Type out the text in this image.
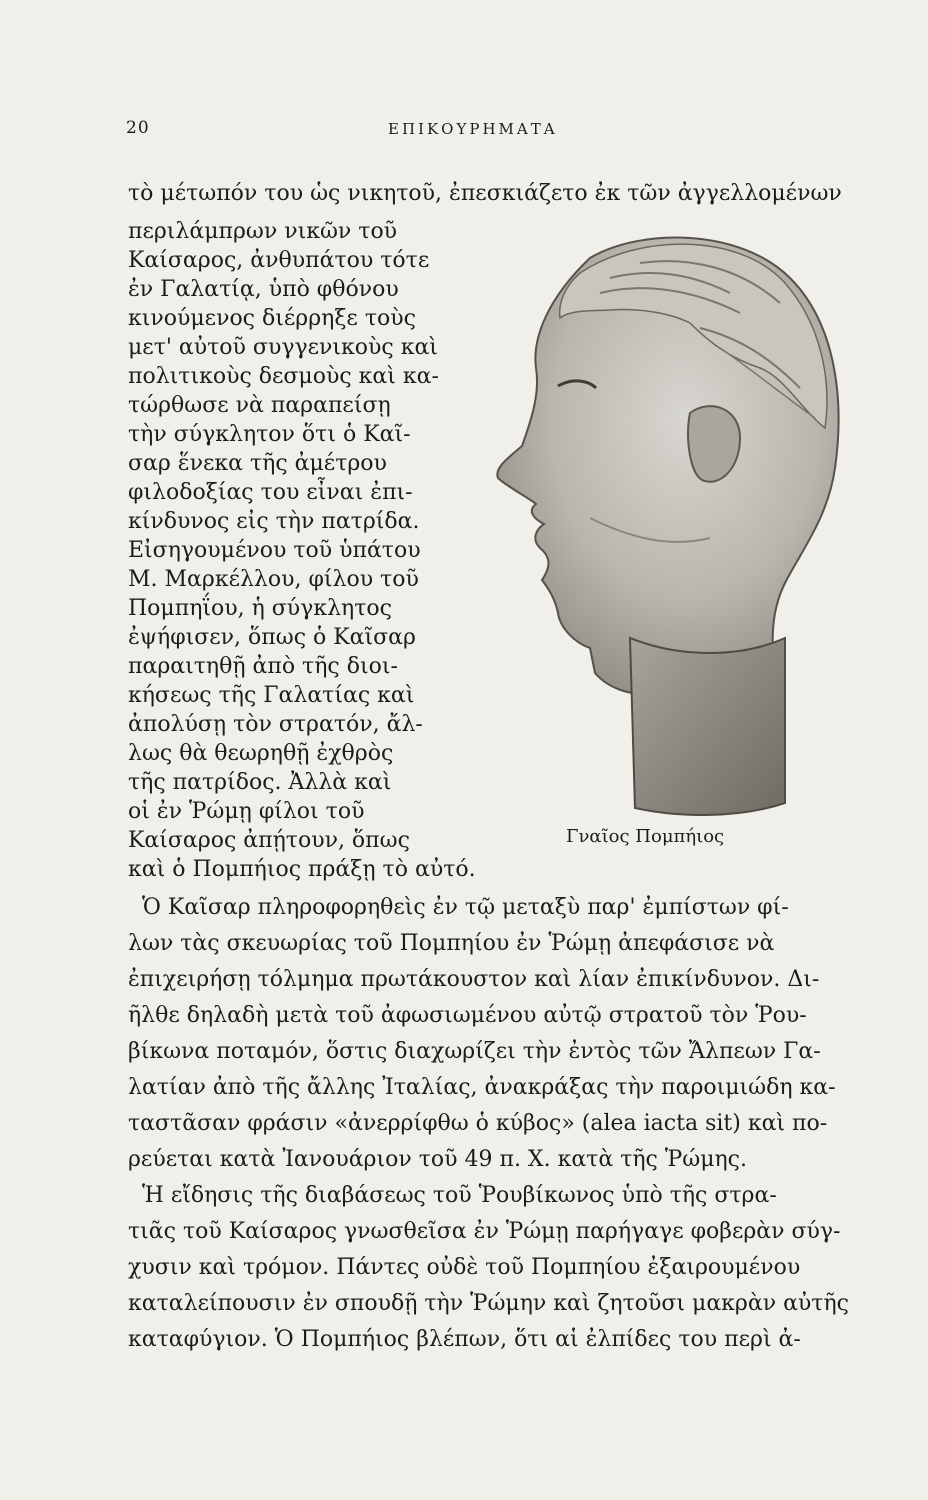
20	ΕΠΙΚΟΥΡΗΜΑΤΑ
τὸ μέτωπόν του ὡς νικητοῦ, ἐπεσκιάζετο ἐκ τῶν ἀγγελλομένων
περιλάμπρων νικῶν τοῦ
Καίσαρος, ἀνθυπάτου τότε
ἐν Γαλατίᾳ, ὑπὸ φθόνου
κινούμενος διέρρηξε τοὺς
μετ' αὐτοῦ συγγενικοὺς καὶ
πολιτικοὺς δεσμοὺς καὶ κα-
τώρθωσε νὰ παραπείσῃ
τὴν σύγκλητον ὅτι ὁ Καῖ-
σαρ ἕνεκα τῆς ἀμέτρου
φιλοδοξίας του εἶναι ἐπι-
κίνδυνος εἰς τὴν πατρίδα.
Εἰσηγουμένου τοῦ ὑπάτου
Μ. Μαρκέλλου, φίλου τοῦ
Πομπηΐου, ἡ σύγκλητος
ἐψήφισεν, ὅπως ὁ Καῖσαρ
παραιτηθῇ ἀπὸ τῆς διοι-
κήσεως τῆς Γαλατίας καὶ
ἀπολύσῃ τὸν στρατόν, ἄλ-
λως θὰ θεωρηθῇ ἐχθρὸς
τῆς πατρίδος. Ἀλλὰ καὶ
οἱ ἐν Ῥώμῃ φίλοι τοῦ
Καίσαρος ἀπῄτουν, ὅπως
καὶ ὁ Πομπήιος πράξῃ τὸ αὐτό.
Ὁ Καῖσαρ πληροφορηθεὶς ἐν τῷ μεταξὺ παρ' ἐμπίστων φί-
λων τὰς σκευωρίας τοῦ Πομπηίου ἐν Ῥώμῃ ἀπεφάσισε νὰ
ἐπιχειρήσῃ τόλμημα πρωτάκουστον καὶ λίαν ἐπικίνδυνον. Δι-
ῆλθε δηλαδὴ μετὰ τοῦ ἀφωσιωμένου αὐτῷ στρατοῦ τὸν Ῥου-
βίκωνα ποταμόν, ὅστις διαχωρίζει τὴν ἐντὸς τῶν Ἄλπεων Γα-
λατίαν ἀπὸ τῆς ἄλλης Ἰταλίας, ἀνακράξας τὴν παροιμιώδη κα-
ταστᾶσαν φράσιν «ἀνερρίφθω ὁ κύβος» (alea iacta sit) καὶ πο-
ρεύεται κατὰ Ἰανουάριον τοῦ 49 π. Χ. κατὰ τῆς Ῥώμης.
Ἡ εἴδησις τῆς διαβάσεως τοῦ Ῥουβίκωνος ὑπὸ τῆς στρα-
τιᾶς τοῦ Καίσαρος γνωσθεῖσα ἐν Ῥώμῃ παρήγαγε φοβερὰν σύγ-
χυσιν καὶ τρόμον. Πάντες οὐδὲ τοῦ Πομπηίου ἐξαιρουμένου
καταλείπουσιν ἐν σπουδῇ τὴν Ῥώμην καὶ ζητοῦσι μακρὰν αὐτῆς
καταφύγιον. Ὁ Πομπήιος βλέπων, ὅτι αἱ ἐλπίδες του περὶ ἀ-
Γναῖος Πομπήιος
